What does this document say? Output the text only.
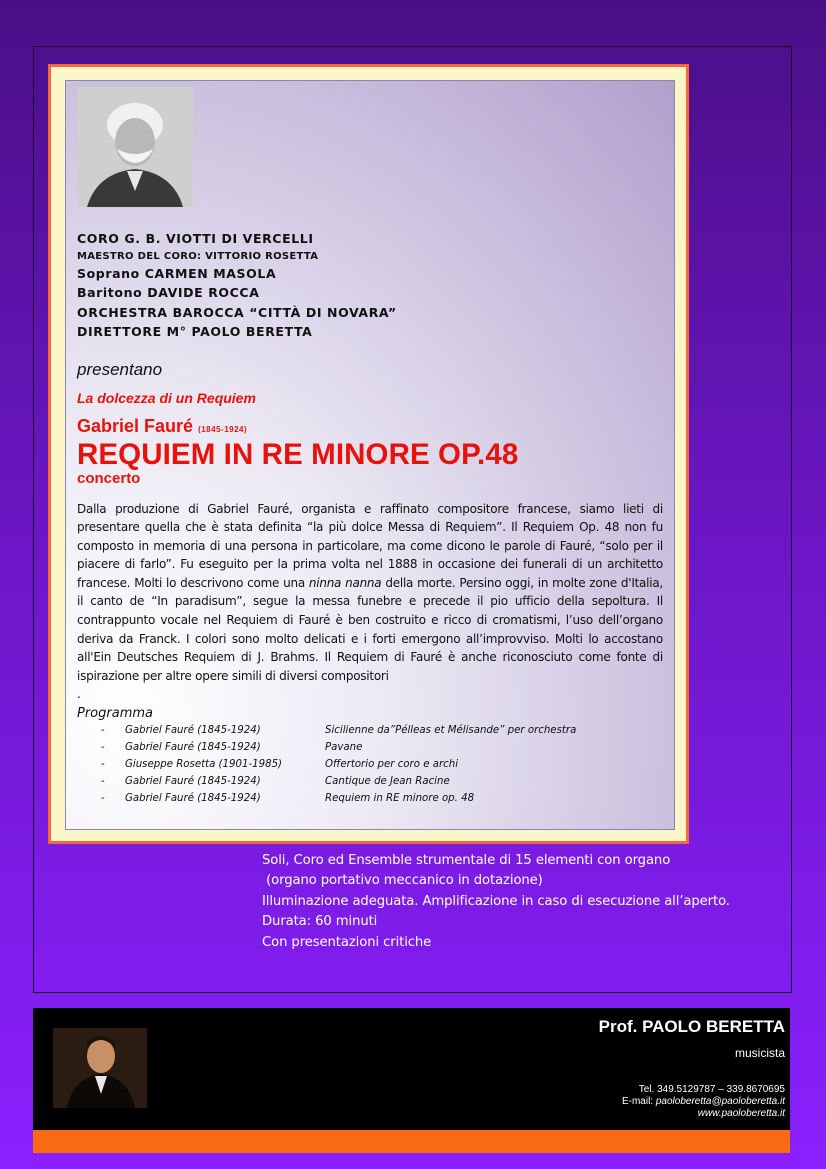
CORO G. B. VIOTTI DI VERCELLI
MAESTRO DEL CORO: VITTORIO ROSETTA
Soprano CARMEN MASOLA
Baritono DAVIDE ROCCA
ORCHESTRA BAROCCA “CITTÀ DI NOVARA”
DIRETTORE M° PAOLO BERETTA
presentano
La dolcezza di un Requiem
Gabriel Fauré (1845-1924)
REQUIEM IN RE MINORE OP.48
concerto
Dalla produzione di Gabriel Fauré, organista e raffinato compositore francese, siamo lieti di presentare quella che è stata definita “la più dolce Messa di Requiem”. Il Requiem Op. 48 non fu composto in memoria di una persona in particolare, ma come dicono le parole di Fauré, “solo per il piacere di farlo”. Fu eseguito per la prima volta nel 1888 in occasione dei funerali di un architetto francese. Molti lo descrivono come una ninna nanna della morte. Persino oggi, in molte zone d'Italia, il canto de “In paradisum”, segue la messa funebre e precede il pio ufficio della sepoltura. Il contrappunto vocale nel Requiem di Fauré è ben costruito e ricco di cromatismi, l’uso dell’organo deriva da Franck. I colori sono molto delicati e i forti emergono all’improvviso. Molti lo accostano all'Ein Deutsches Requiem di J. Brahms. Il Requiem di Fauré è anche riconosciuto come fonte di ispirazione per altre opere simili di diversi compositori
.
Programma
-	Gabriel Fauré (1845-1924)	Sicilienne da”Pélleas et Mélisande” per orchestra
-	Gabriel Fauré (1845-1924)	Pavane
-	Giuseppe Rosetta (1901-1985)	Offertorio per coro e archi
-	Gabriel Fauré (1845-1924)	Cantique de Jean Racine
-	Gabriel Fauré (1845-1924)	Requiem in RE minore op. 48
Soli, Coro ed Ensemble strumentale di 15 elementi con organo
(organo portativo meccanico in dotazione)
Illuminazione adeguata. Amplificazione in caso di esecuzione all’aperto.
Durata: 60 minuti
Con presentazioni critiche
Prof. PAOLO BERETTA
musicista
Tel. 349.5129787 – 339.8670695
E-mail: paoloberetta@paoloberetta.it
www.paoloberetta.it
